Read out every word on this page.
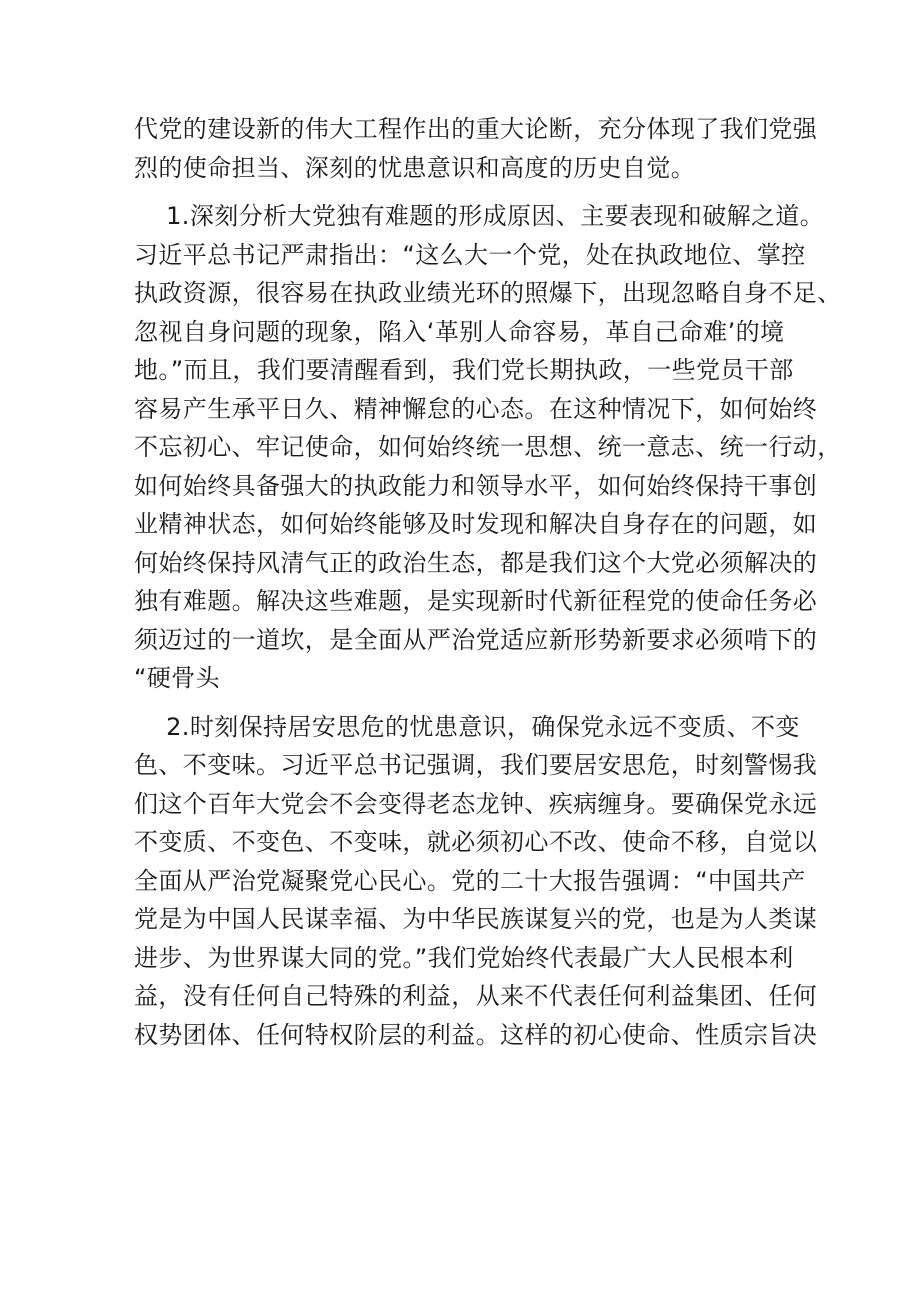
代党的建设新的伟大工程作出的重大论断，充分体现了我们党强
烈的使命担当、深刻的忧患意识和高度的历史自觉。
1.深刻分析大党独有难题的形成原因、主要表现和破解之道。
习近平总书记严肃指出：“这么大一个党，处在执政地位、掌控
执政资源，很容易在执政业绩光环的照爆下，出现忽略自身不足、
忽视自身问题的现象，陷入‘革别人命容易，革自己命难’的境
地。”而且，我们要清醒看到，我们党长期执政，一些党员干部
容易产生承平日久、精神懈怠的心态。在这种情况下，如何始终
不忘初心、牢记使命，如何始终统一思想、统一意志、统一行动，
如何始终具备强大的执政能力和领导水平，如何始终保持干事创
业精神状态，如何始终能够及时发现和解决自身存在的问题，如
何始终保持风清气正的政治生态，都是我们这个大党必须解决的
独有难题。解决这些难题，是实现新时代新征程党的使命任务必
须迈过的一道坎，是全面从严治党适应新形势新要求必须啃下的
“硬骨头
2.时刻保持居安思危的忧患意识，确保党永远不变质、不变
色、不变味。习近平总书记强调，我们要居安思危，时刻警惕我
们这个百年大党会不会变得老态龙钟、疾病缠身。要确保党永远
不变质、不变色、不变味，就必须初心不改、使命不移，自觉以
全面从严治党凝聚党心民心。党的二十大报告强调：“中国共产
党是为中国人民谋幸福、为中华民族谋复兴的党，也是为人类谋
进步、为世界谋大同的党。”我们党始终代表最广大人民根本利
益，没有任何自己特殊的利益，从来不代表任何利益集团、任何
权势团体、任何特权阶层的利益。这样的初心使命、性质宗旨决
